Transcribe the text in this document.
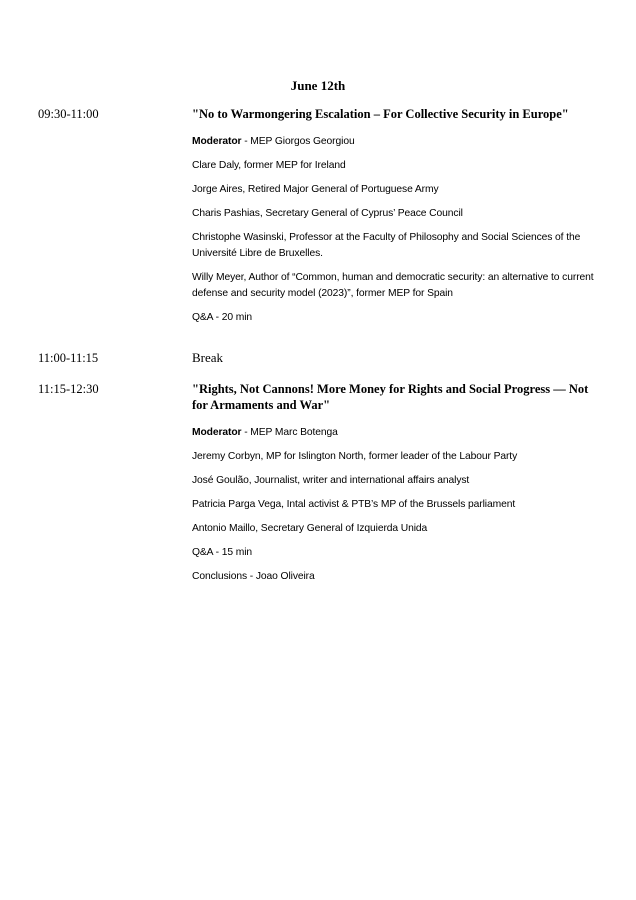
June 12th
09:30-11:00	"No to Warmongering Escalation – For Collective Security in Europe"
Moderator - MEP Giorgos Georgiou
Clare Daly, former MEP for Ireland
Jorge Aires, Retired Major General of Portuguese Army
Charis Pashias, Secretary General of Cyprus’ Peace Council
Christophe Wasinski, Professor at the Faculty of Philosophy and Social Sciences of the Université Libre de Bruxelles.
Willy Meyer, Author of “Common, human and democratic security: an alternative to current defense and security model (2023)”, former MEP for Spain
Q&A - 20 min
11:00-11:15	Break
11:15-12:30	"Rights, Not Cannons! More Money for Rights and Social Progress — Not for Armaments and War"
Moderator - MEP Marc Botenga
Jeremy Corbyn, MP for Islington North, former leader of the Labour Party
José Goulão, Journalist, writer and international affairs analyst
Patricia Parga Vega, Intal activist & PTB’s MP of the Brussels parliament
Antonio Maillo, Secretary General of Izquierda Unida
Q&A - 15 min
Conclusions - Joao Oliveira
